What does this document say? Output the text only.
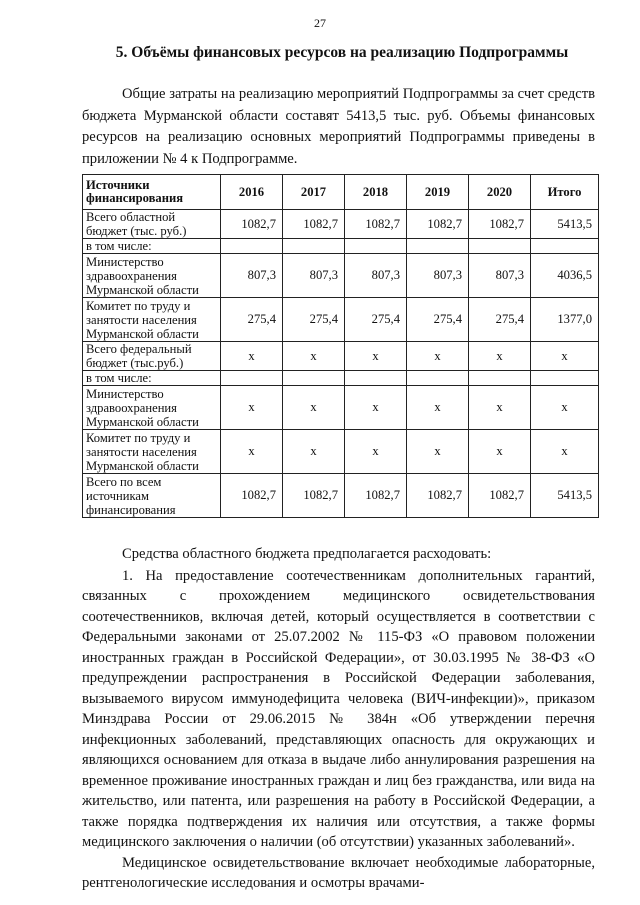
27
5. Объёмы финансовых ресурсов на реализацию Подпрограммы
Общие затраты на реализацию мероприятий Подпрограммы за счет средств бюджета Мурманской области составят 5413,5 тыс. руб. Объемы финансовых ресурсов на реализацию основных мероприятий Подпрограммы приведены в приложении № 4 к Подпрограмме.
Источники финансирования	2016	2017	2018	2019	2020	Итого
Всего областной бюджет (тыс. руб.)	1082,7	1082,7	1082,7	1082,7	1082,7	5413,5
в том числе:						
Министерство здравоохранения Мурманской области	807,3	807,3	807,3	807,3	807,3	4036,5
Комитет по труду и занятости населения Мурманской области	275,4	275,4	275,4	275,4	275,4	1377,0
Всего федеральный бюджет (тыс.руб.)	х	х	х	х	х	х
в том числе:						
Министерство здравоохранения Мурманской области	х	х	х	х	х	х
Комитет по труду и занятости населения Мурманской области	х	х	х	х	х	х
Всего по всем источникам финансирования	1082,7	1082,7	1082,7	1082,7	1082,7	5413,5

Средства областного бюджета предполагается расходовать:

1. На предоставление соотечественникам дополнительных гарантий, связанных с прохождением медицинского освидетельствования соотечественников, включая детей, который осуществляется в соответствии с Федеральными законами от 25.07.2002 № 115-ФЗ «О правовом положении иностранных граждан в Российской Федерации», от 30.03.1995 № 38-ФЗ «О предупреждении распространения в Российской Федерации заболевания, вызываемого вирусом иммунодефицита человека (ВИЧ-инфекции)», приказом Минздрава России от 29.06.2015 № 384н «Об утверждении перечня инфекционных заболеваний, представляющих опасность для окружающих и являющихся основанием для отказа в выдаче либо аннулирования разрешения на временное проживание иностранных граждан и лиц без гражданства, или вида на жительство, или патента, или разрешения на работу в Российской Федерации, а также порядка подтверждения их наличия или отсутствия, а также формы медицинского заключения о наличии (об отсутствии) указанных заболеваний».

Медицинское освидетельствование включает необходимые лабораторные, рентгенологические исследования и осмотры врачами-
